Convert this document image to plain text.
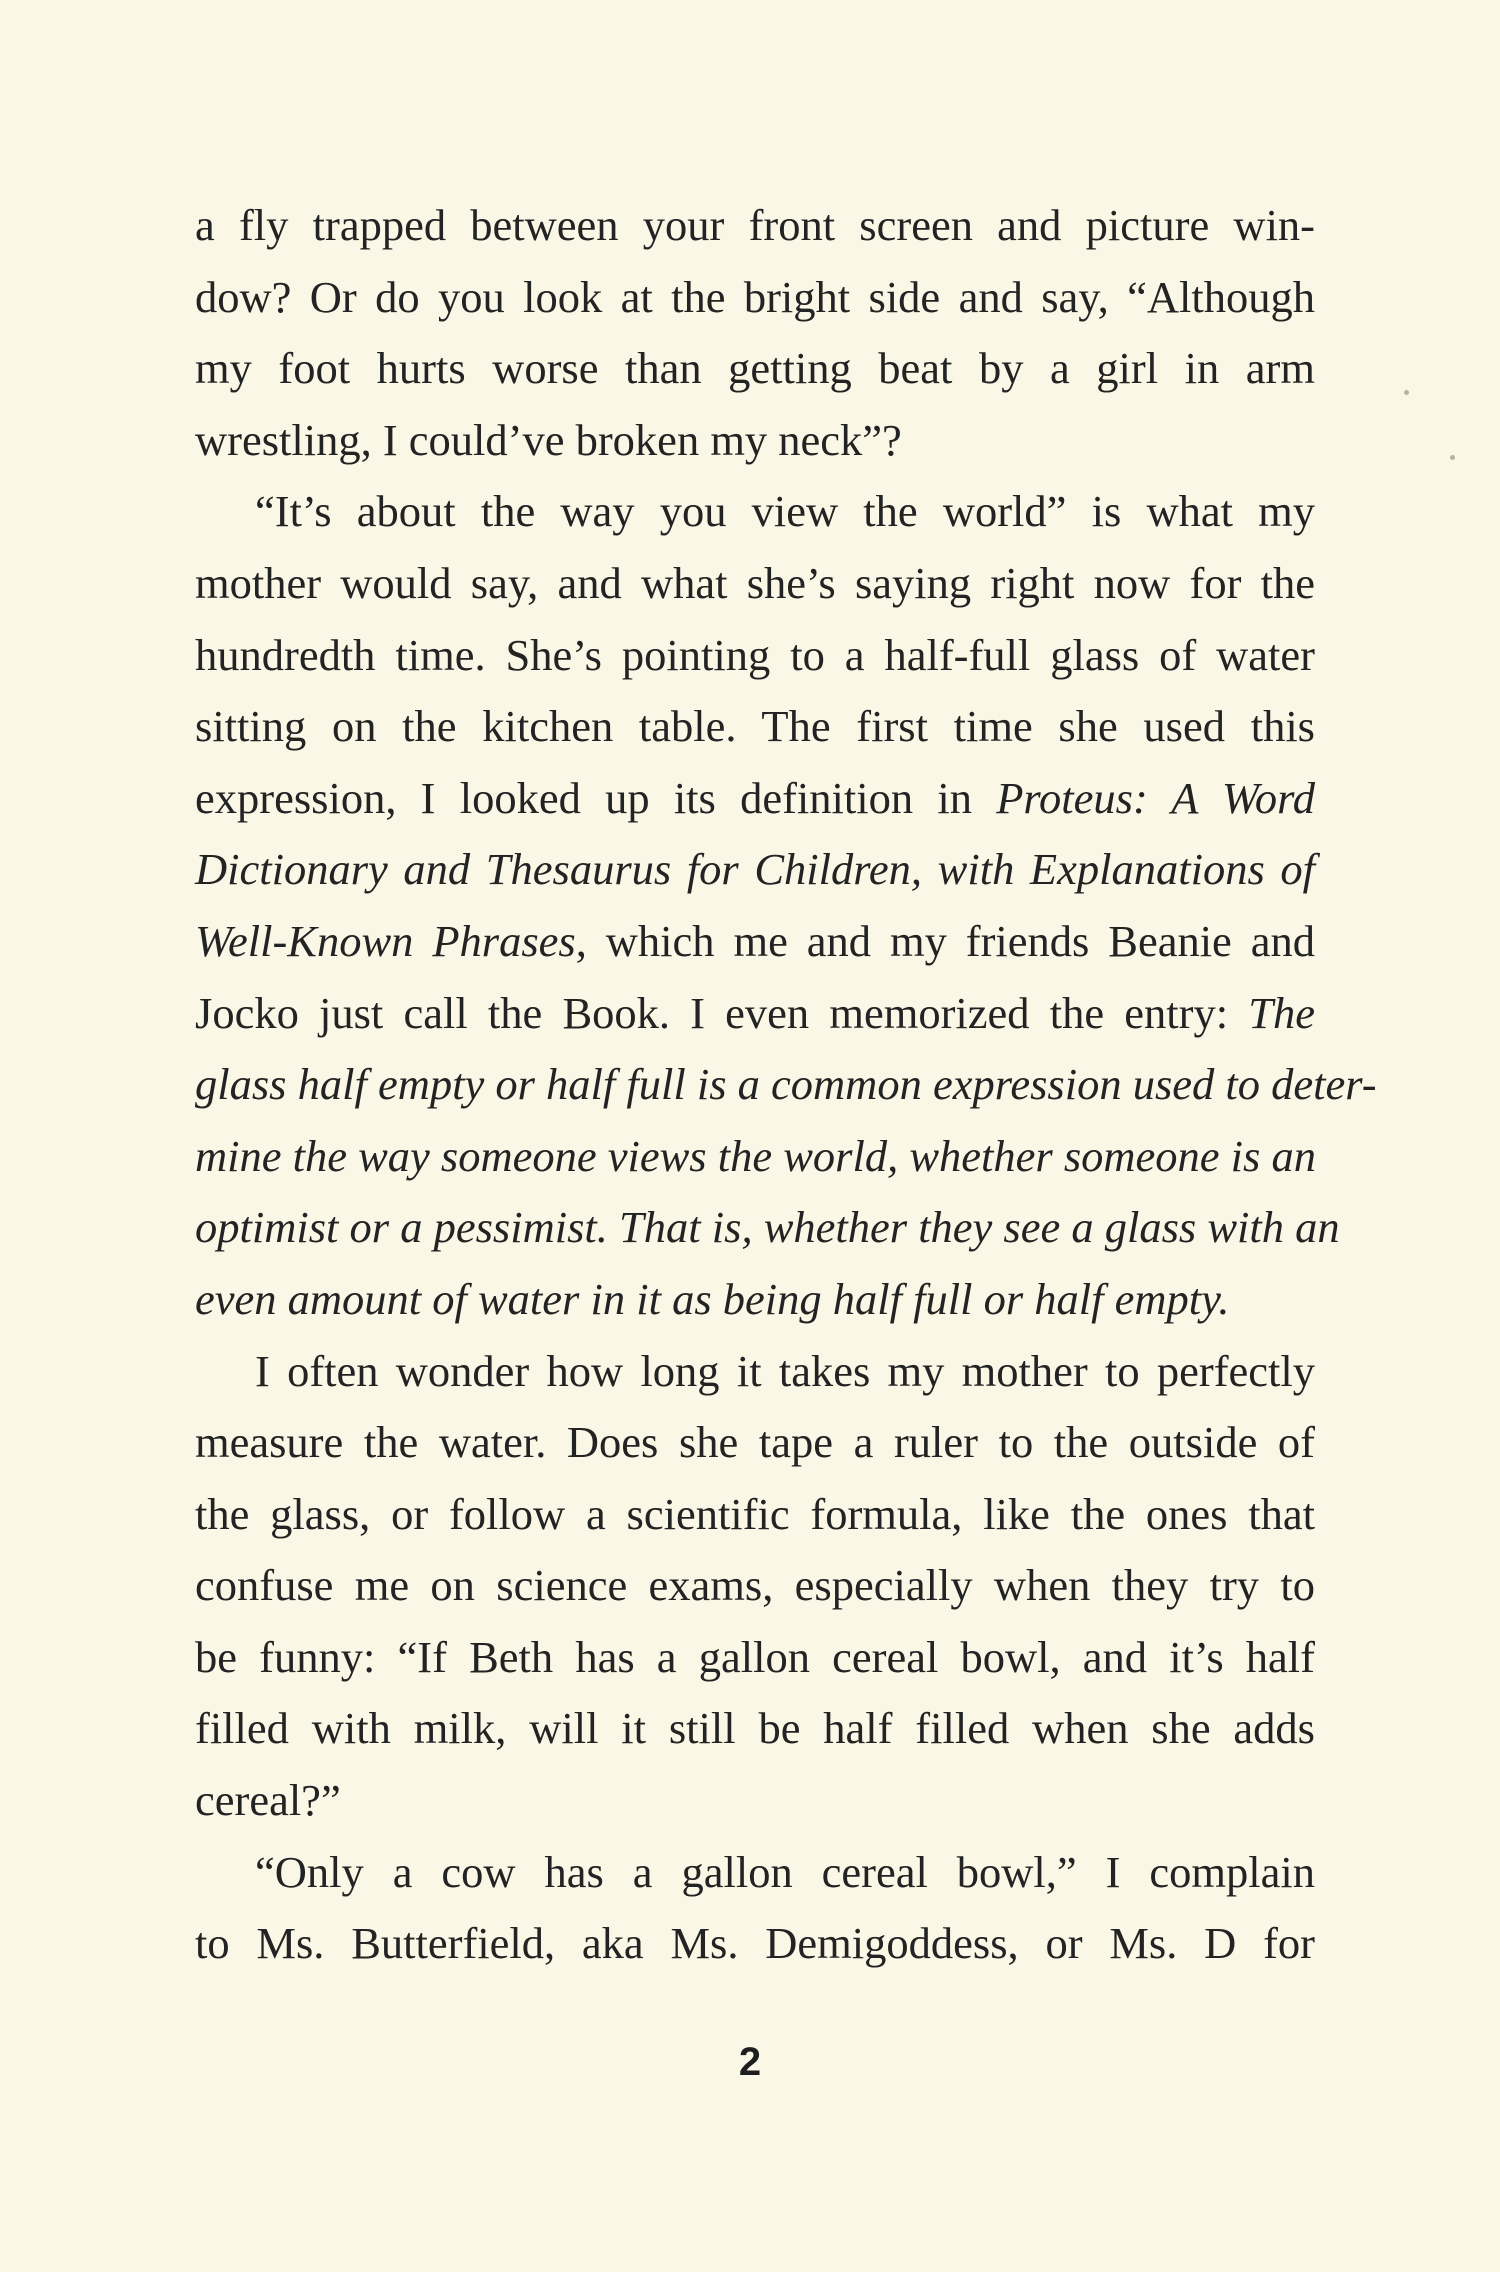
a fly trapped between your front screen and picture win-
dow? Or do you look at the bright side and say, “Although
my foot hurts worse than getting beat by a girl in arm
wrestling, I could’ve broken my neck”?
“It’s about the way you view the world” is what my
mother would say, and what she’s saying right now for the
hundredth time. She’s pointing to a half-full glass of water
sitting on the kitchen table. The first time she used this
expression, I looked up its definition in Proteus: A Word
Dictionary and Thesaurus for Children, with Explanations of
Well-Known Phrases, which me and my friends Beanie and
Jocko just call the Book. I even memorized the entry: The
glass half empty or half full is a common expression used to deter-
mine the way someone views the world, whether someone is an
optimist or a pessimist. That is, whether they see a glass with an
even amount of water in it as being half full or half empty.
I often wonder how long it takes my mother to perfectly
measure the water. Does she tape a ruler to the outside of
the glass, or follow a scientific formula, like the ones that
confuse me on science exams, especially when they try to
be funny: “If Beth has a gallon cereal bowl, and it’s half
filled with milk, will it still be half filled when she adds
cereal?”
“Only a cow has a gallon cereal bowl,” I complain
to Ms. Butterfield, aka Ms. Demigoddess, or Ms. D for
2
